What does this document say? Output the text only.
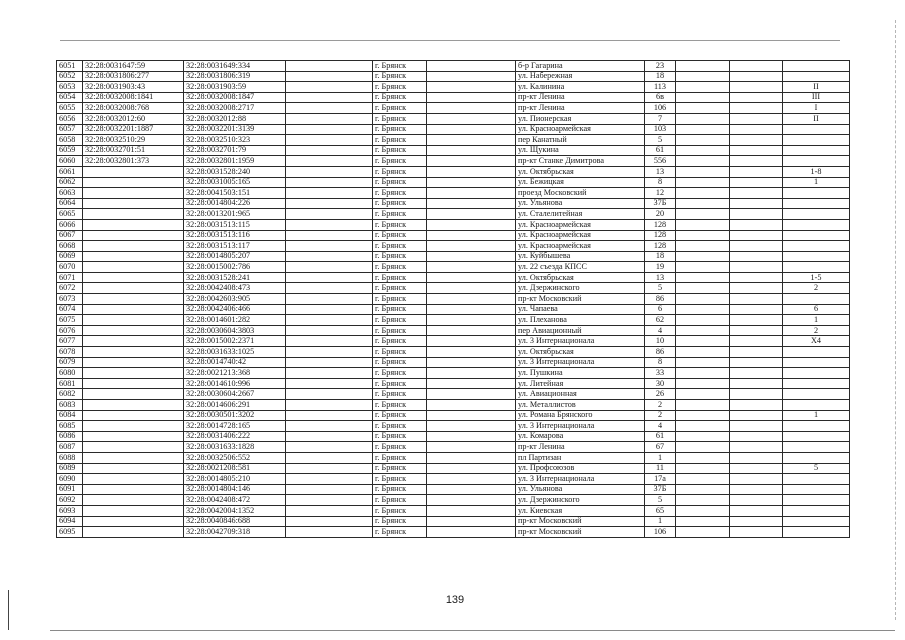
6051	32:28:0031647:59	32:28:0031649:334		г. Брянск		б-р Гагарина	23			
6052	32:28:0031806:277	32:28:0031806:319		г. Брянск		ул. Набережная	18			
6053	32:28:0031903:43	32:28:0031903:59		г. Брянск		ул. Калинина	113			II
6054	32:28:0032008:1841	32:28:0032008:1847		г. Брянск		пр-кт Ленина	6в			III
6055	32:28:0032008:768	32:28:0032008:2717		г. Брянск		пр-кт Ленина	106			I
6056	32:28:0032012:60	32:28:0032012:88		г. Брянск		ул. Пионерская	7			II
6057	32:28:0032201:1887	32:28:0032201:3139		г. Брянск		ул. Красноармейская	103			
6058	32:28:0032510:29	32:28:0032510:323		г. Брянск		пер Канатный	5			
6059	32:28:0032701:51	32:28:0032701:79		г. Брянск		ул. Щукина	61			
6060	32:28:0032801:373	32:28:0032801:1959		г. Брянск		пр-кт Станке Димитрова	556			
6061		32:28:0031528:240		г. Брянск		ул. Октябрьская	13			1-8
6062		32:28:0031005:165		г. Брянск		ул. Бежицкая	8			1
6063		32:28:0041503:151		г. Брянск		проезд Московский	12			
6064		32:28:0014804:226		г. Брянск		ул. Ульянова	37Б			
6065		32:28:0013201:965		г. Брянск		ул. Сталелитейная	20			
6066		32:28:0031513:115		г. Брянск		ул. Красноармейская	128			
6067		32:28:0031513:116		г. Брянск		ул. Красноармейская	128			
6068		32:28:0031513:117		г. Брянск		ул. Красноармейская	128			
6069		32:28:0014805:207		г. Брянск		ул. Куйбышева	18			
6070		32:28:0015002:786		г. Брянск		ул. 22 съезда КПСС	19			
6071		32:28:0031528:241		г. Брянск		ул. Октябрьская	13			1-5
6072		32:28:0042408:473		г. Брянск		ул. Дзержинского	5			2
6073		32:28:0042603:905		г. Брянск		пр-кт Московский	86			
6074		32:28:0042406:466		г. Брянск		ул. Чапаева	6			6
6075		32:28:0014601:282		г. Брянск		ул. Плеханова	62			1
6076		32:28:0030604:3803		г. Брянск		пер Авиационный	4			2
6077		32:28:0015002:2371		г. Брянск		ул. 3 Интернационала	10			Х4
6078		32:28:0031633:1025		г. Брянск		ул. Октябрьская	86			
6079		32:28:0014740:42		г. Брянск		ул. 3 Интернационала	8			
6080		32:28:0021213:368		г. Брянск		ул. Пушкина	33			
6081		32:28:0014610:996		г. Брянск		ул. Литейная	30			
6082		32:28:0030604:2667		г. Брянск		ул. Авиационная	26			
6083		32:28:0014606:291		г. Брянск		ул. Металлистов	2			
6084		32:28:0030501:3202		г. Брянск		ул. Романа Брянского	2			1
6085		32:28:0014728:165		г. Брянск		ул. 3 Интернационала	4			
6086		32:28:0031406:222		г. Брянск		ул. Комарова	61			
6087		32:28:0031633:1828		г. Брянск		пр-кт Ленина	67			
6088		32:28:0032506:552		г. Брянск		пл Партизан	1			
6089		32:28:0021208:581		г. Брянск		ул. Профсоюзов	11			5
6090		32:28:0014805:210		г. Брянск		ул. 3 Интернационала	17а			
6091		32:28:0014804:146		г. Брянск		ул. Ульянова	37Б			
6092		32:28:0042408:472		г. Брянск		ул. Дзержинского	5			
6093		32:28:0042004:1352		г. Брянск		ул. Киевская	65			
6094		32:28:0040846:688		г. Брянск		пр-кт Московский	1			
6095		32:28:0042709:318		г. Брянск		пр-кт Московский	106			
139
